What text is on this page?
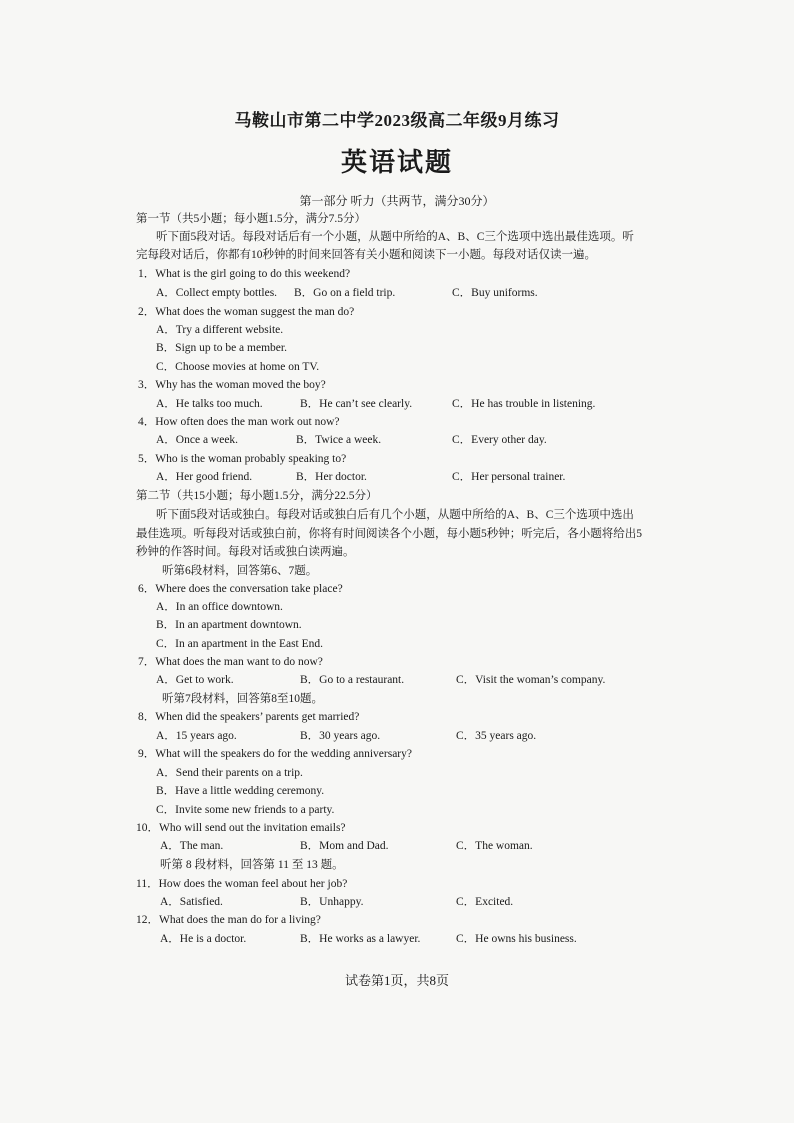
马鞍山市第二中学2023级高二年级9月练习
英语试题
第一部分 听力（共两节，满分30分）
第一节（共5小题；每小题1.5分，满分7.5分）
听下面5段对话。每段对话后有一个小题，从题中所给的A、B、C三个选项中选出最佳选项。听
完每段对话后，你都有10秒钟的时间来回答有关小题和阅读下一小题。每段对话仅读一遍。
1．What is the girl going to do this weekend?
A．Collect empty bottles. B．Go on a field trip.	C．Buy uniforms.
2．What does the woman suggest the man do?
A．Try a different website.
B．Sign up to be a member.
C．Choose movies at home on TV.
3．Why has the woman moved the boy?
A．He talks too much.	B．He can’t see clearly.	C．He has trouble in listening.
4．How often does the man work out now?
A．Once a week.	B．Twice a week.	C．Every other day.
5．Who is the woman probably speaking to?
A．Her good friend.	B．Her doctor.	C．Her personal trainer.
第二节（共15小题；每小题1.5分，满分22.5分）
听下面5段对话或独白。每段对话或独白后有几个小题，从题中所给的A、B、C三个选项中选出
最佳选项。听每段对话或独白前，你将有时间阅读各个小题，每小题5秒钟；听完后，各小题将给出5
秒钟的作答时间。每段对话或独白读两遍。
听第6段材料，回答第6、7题。
6．Where does the conversation take place?
A．In an office downtown.
B．In an apartment downtown.
C．In an apartment in the East End.
7．What does the man want to do now?
A．Get to work.	B．Go to a restaurant.	C．Visit the woman’s company.
听第7段材料，回答第8至10题。
8．When did the speakers’ parents get married?
A．15 years ago.	B．30 years ago.	C．35 years ago.
9．What will the speakers do for the wedding anniversary?
A．Send their parents on a trip.
B．Have a little wedding ceremony.
C．Invite some new friends to a party.
10．Who will send out the invitation emails?
A．The man.	B．Mom and Dad.	C．The woman.
听第 8 段材料，回答第 11 至 13 题。
11．How does the woman feel about her job?
A．Satisfied.	B．Unhappy.	C．Excited.
12．What does the man do for a living?
A．He is a doctor.	B．He works as a lawyer.	C．He owns his business.
试卷第1页，共8页
